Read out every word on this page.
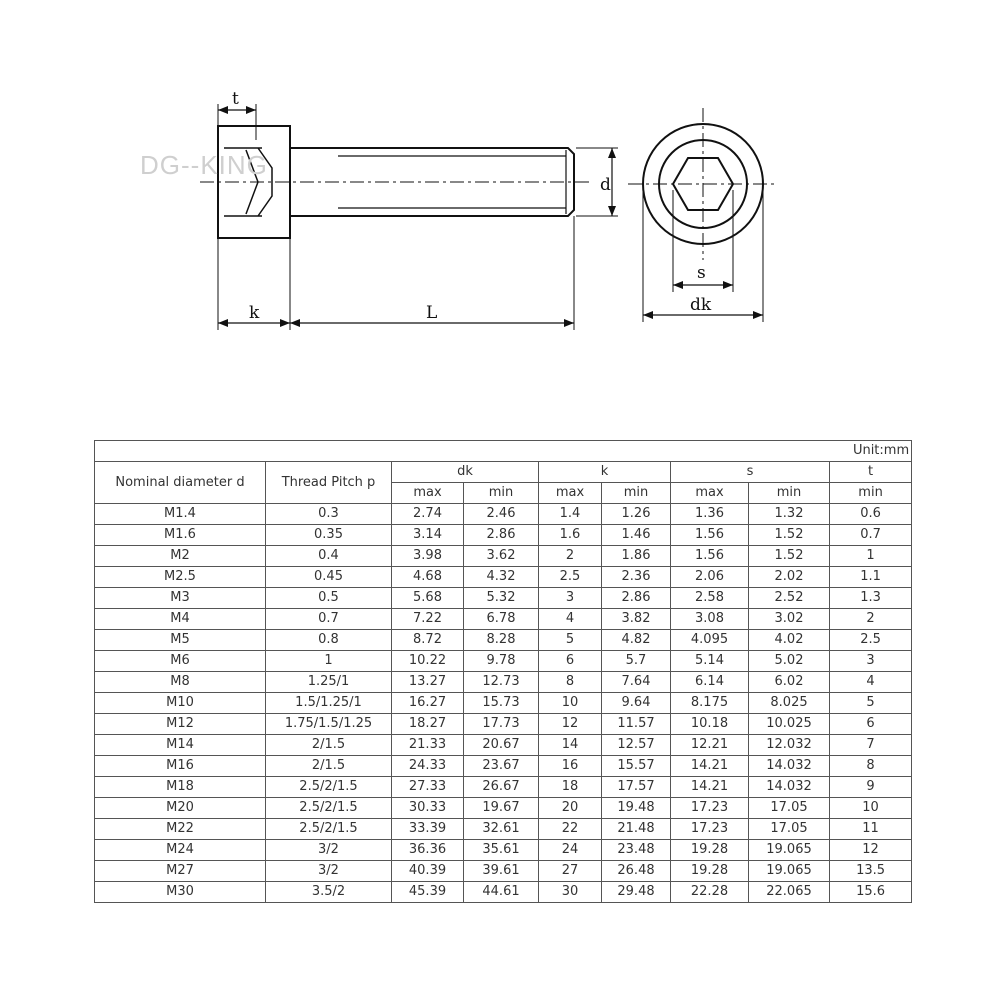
DG--KING
t
d
k	L
s
dk
Unit:mm								
Nominal diameter d	Thread Pitch p	dk		k		s		t
		max	min	max	min	max	min	min
M1.4	0.3	2.74	2.46	1.4	1.26	1.36	1.32	0.6
M1.6	0.35	3.14	2.86	1.6	1.46	1.56	1.52	0.7
M2	0.4	3.98	3.62	2	1.86	1.56	1.52	1
M2.5	0.45	4.68	4.32	2.5	2.36	2.06	2.02	1.1
M3	0.5	5.68	5.32	3	2.86	2.58	2.52	1.3
M4	0.7	7.22	6.78	4	3.82	3.08	3.02	2
M5	0.8	8.72	8.28	5	4.82	4.095	4.02	2.5
M6	1	10.22	9.78	6	5.7	5.14	5.02	3
M8	1.25/1	13.27	12.73	8	7.64	6.14	6.02	4
M10	1.5/1.25/1	16.27	15.73	10	9.64	8.175	8.025	5
M12	1.75/1.5/1.25	18.27	17.73	12	11.57	10.18	10.025	6
M14	2/1.5	21.33	20.67	14	12.57	12.21	12.032	7
M16	2/1.5	24.33	23.67	16	15.57	14.21	14.032	8
M18	2.5/2/1.5	27.33	26.67	18	17.57	14.21	14.032	9
M20	2.5/2/1.5	30.33	19.67	20	19.48	17.23	17.05	10
M22	2.5/2/1.5	33.39	32.61	22	21.48	17.23	17.05	11
M24	3/2	36.36	35.61	24	23.48	19.28	19.065	12
M27	3/2	40.39	39.61	27	26.48	19.28	19.065	13.5
M30	3.5/2	45.39	44.61	30	29.48	22.28	22.065	15.6
